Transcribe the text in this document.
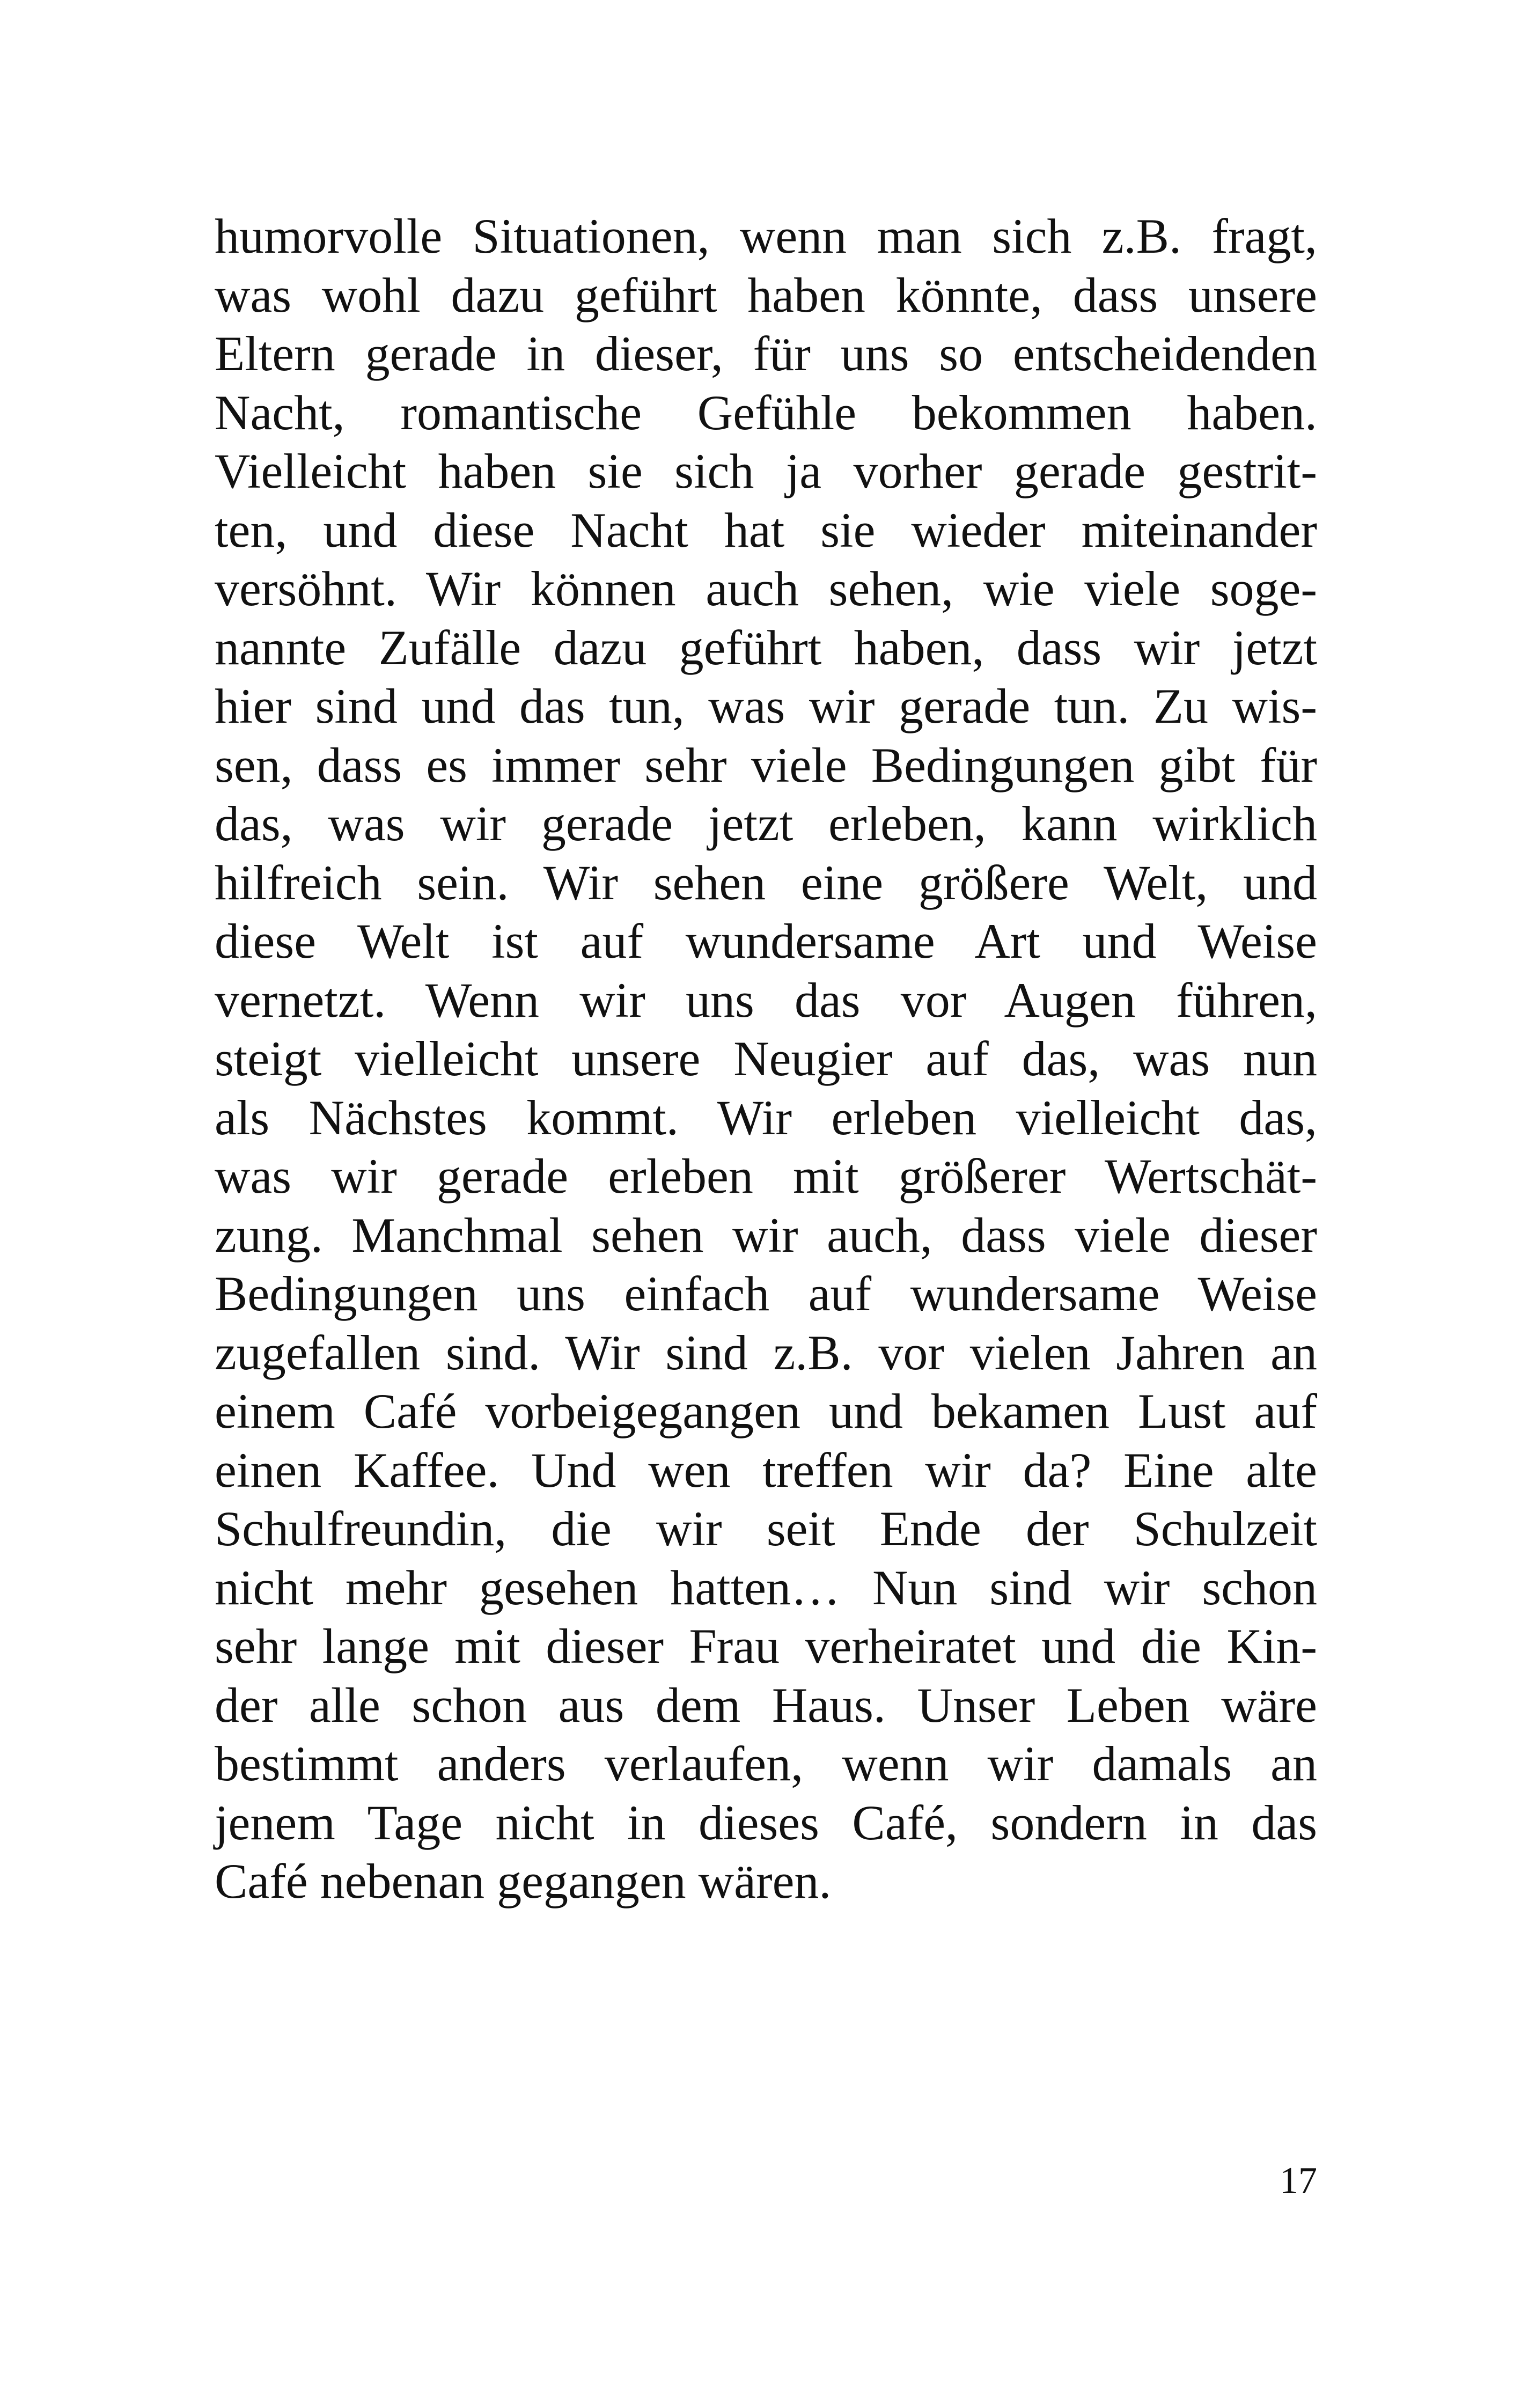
humorvolle Situationen, wenn man sich z.B. fragt,
was wohl dazu geführt haben könnte, dass unsere
Eltern gerade in dieser, für uns so entscheidenden
Nacht, romantische Gefühle bekommen haben.
Vielleicht haben sie sich ja vorher gerade gestrit-
ten, und diese Nacht hat sie wieder miteinander
versöhnt. Wir können auch sehen, wie viele soge-
nannte Zufälle dazu geführt haben, dass wir jetzt
hier sind und das tun, was wir gerade tun. Zu wis-
sen, dass es immer sehr viele Bedingungen gibt für
das, was wir gerade jetzt erleben, kann wirklich
hilfreich sein. Wir sehen eine größere Welt, und
diese Welt ist auf wundersame Art und Weise
vernetzt. Wenn wir uns das vor Augen führen,
steigt vielleicht unsere Neugier auf das, was nun
als Nächstes kommt. Wir erleben vielleicht das,
was wir gerade erleben mit größerer Wertschät-
zung. Manchmal sehen wir auch, dass viele dieser
Bedingungen uns einfach auf wundersame Weise
zugefallen sind. Wir sind z.B. vor vielen Jahren an
einem Café vorbeigegangen und bekamen Lust auf
einen Kaffee. Und wen treffen wir da? Eine alte
Schulfreundin, die wir seit Ende der Schulzeit
nicht mehr gesehen hatten… Nun sind wir schon
sehr lange mit dieser Frau verheiratet und die Kin-
der alle schon aus dem Haus. Unser Leben wäre
bestimmt anders verlaufen, wenn wir damals an
jenem Tage nicht in dieses Café, sondern in das
Café nebenan gegangen wären.
17
